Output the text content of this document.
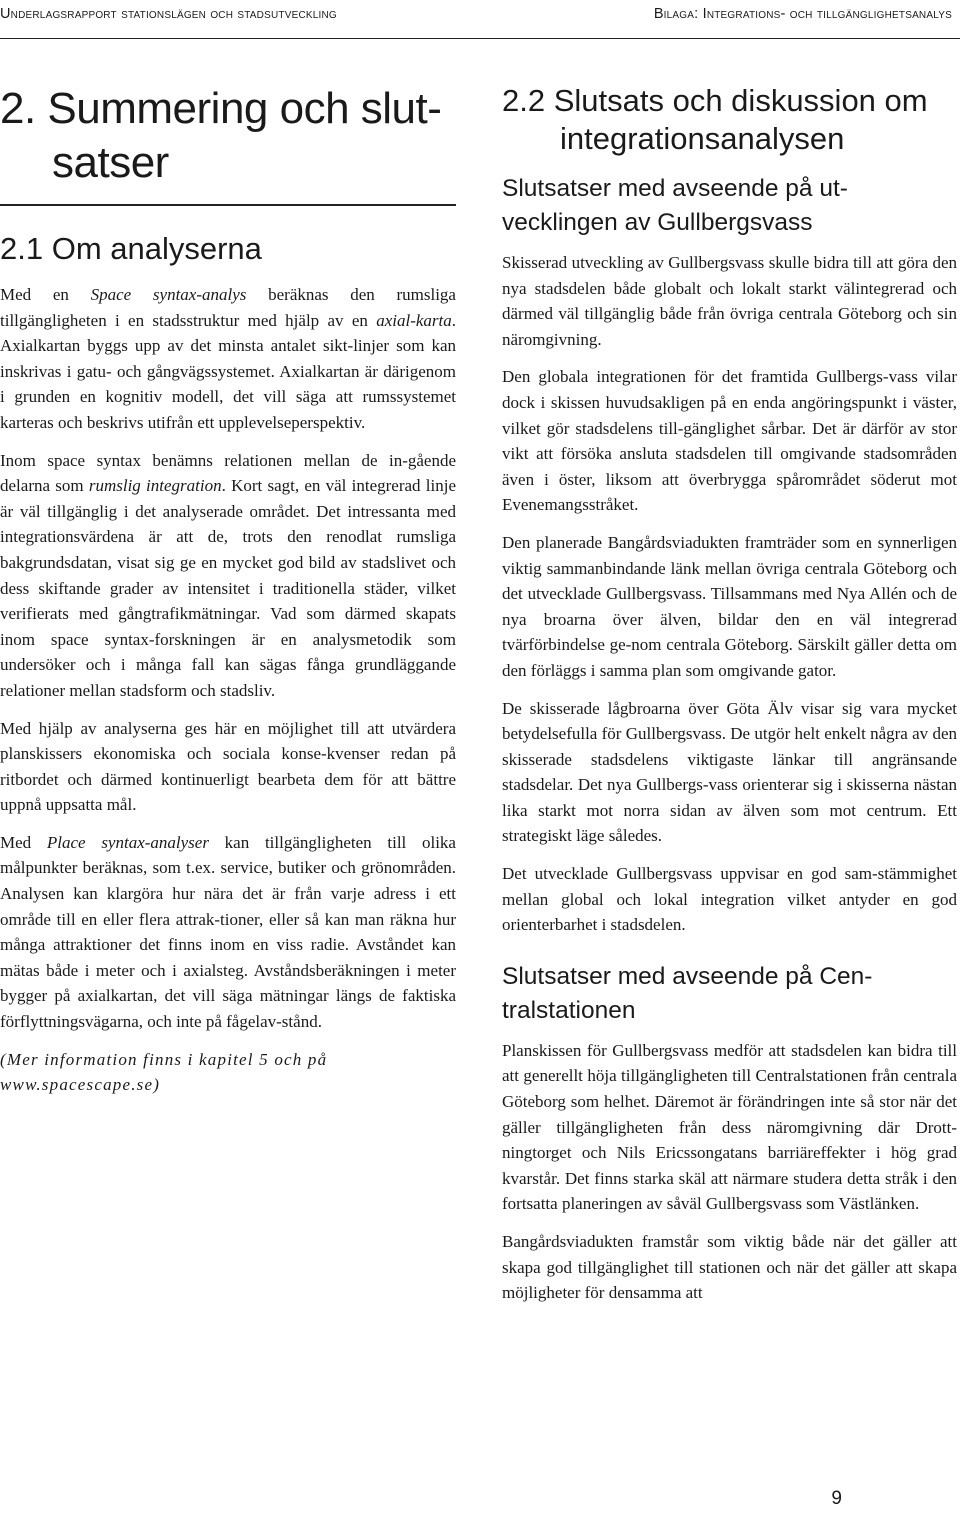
Underlagsrapport stationslägen och stadsutveckling	Bilaga: Integrations- och tillgänglighetsanalys
2. Summering och slut-satser
2.1 Om analyserna

Med en Space syntax-analys beräknas den rumsliga tillgängligheten i en stadsstruktur med hjälp av en axial-karta. Axialkartan byggs upp av det minsta antalet sikt-linjer som kan inskrivas i gatu- och gångvägssystemet. Axialkartan är därigenom i grunden en kognitiv modell, det vill säga att rumssystemet karteras och beskrivs utifrån ett upplevelseperspektiv.

Inom space syntax benämns relationen mellan de in-gående delarna som rumslig integration. Kort sagt, en väl integrerad linje är väl tillgänglig i det analyserade området. Det intressanta med integrationsvärdena är att de, trots den renodlat rumsliga bakgrundsdatan, visat sig ge en mycket god bild av stadslivet och dess skiftande grader av intensitet i traditionella städer, vilket verifierats med gångtrafikmätningar. Vad som därmed skapats inom space syntax-forskningen är en analysmetodik som undersöker och i många fall kan sägas fånga grundläggande relationer mellan stadsform och stadsliv.

Med hjälp av analyserna ges här en möjlighet till att utvärdera planskissers ekonomiska och sociala konse-kvenser redan på ritbordet och därmed kontinuerligt bearbeta dem för att bättre uppnå uppsatta mål.

Med Place syntax-analyser kan tillgängligheten till olika målpunkter beräknas, som t.ex. service, butiker och grönområden. Analysen kan klargöra hur nära det är från varje adress i ett område till en eller flera attrak-tioner, eller så kan man räkna hur många attraktioner det finns inom en viss radie. Avståndet kan mätas både i meter och i axialsteg. Avståndsberäkningen i meter bygger på axialkartan, det vill säga mätningar längs de faktiska förflyttningsvägarna, och inte på fågelav-stånd.

(Mer information finns i kapitel 5 och på www.spacescape.se)

2.2 Slutsats och diskussion om integrationsanalysen
Slutsatser med avseende på ut-vecklingen av Gullbergsvass

Skisserad utveckling av Gullbergsvass skulle bidra till att göra den nya stadsdelen både globalt och lokalt starkt välintegrerad och därmed väl tillgänglig både från övriga centrala Göteborg och sin näromgivning.

Den globala integrationen för det framtida Gullbergs-vass vilar dock i skissen huvudsakligen på en enda angöringspunkt i väster, vilket gör stadsdelens till-gänglighet sårbar. Det är därför av stor vikt att försöka ansluta stadsdelen till omgivande stadsområden även i öster, liksom att överbrygga spårområdet söderut mot Evenemangsstråket.

Den planerade Bangårdsviadukten framträder som en synnerligen viktig sammanbindande länk mellan övriga centrala Göteborg och det utvecklade Gullbergsvass. Tillsammans med Nya Allén och de nya broarna över älven, bildar den en väl integrerad tvärförbindelse ge-nom centrala Göteborg. Särskilt gäller detta om den förläggs i samma plan som omgivande gator.

De skisserade lågbroarna över Göta Älv visar sig vara mycket betydelsefulla för Gullbergsvass. De utgör helt enkelt några av den skisserade stadsdelens viktigaste länkar till angränsande stadsdelar. Det nya Gullbergs-vass orienterar sig i skisserna nästan lika starkt mot norra sidan av älven som mot centrum. Ett strategiskt läge således.

Det utvecklade Gullbergsvass uppvisar en god sam-stämmighet mellan global och lokal integration vilket antyder en god orienterbarhet i stadsdelen.

Slutsatser med avseende på Cen-tralstationen

Planskissen för Gullbergsvass medför att stadsdelen kan bidra till att generellt höja tillgängligheten till Centralstationen från centrala Göteborg som helhet. Däremot är förändringen inte så stor när det gäller tillgängligheten från dess näromgivning där Drott-ningtorget och Nils Ericssongatans barriäreffekter i hög grad kvarstår. Det finns starka skäl att närmare studera detta stråk i den fortsatta planeringen av såväl Gullbergsvass som Västlänken.

Bangårdsviadukten framstår som viktig både när det gäller att skapa god tillgänglighet till stationen och när det gäller att skapa möjligheter för densamma att

9
